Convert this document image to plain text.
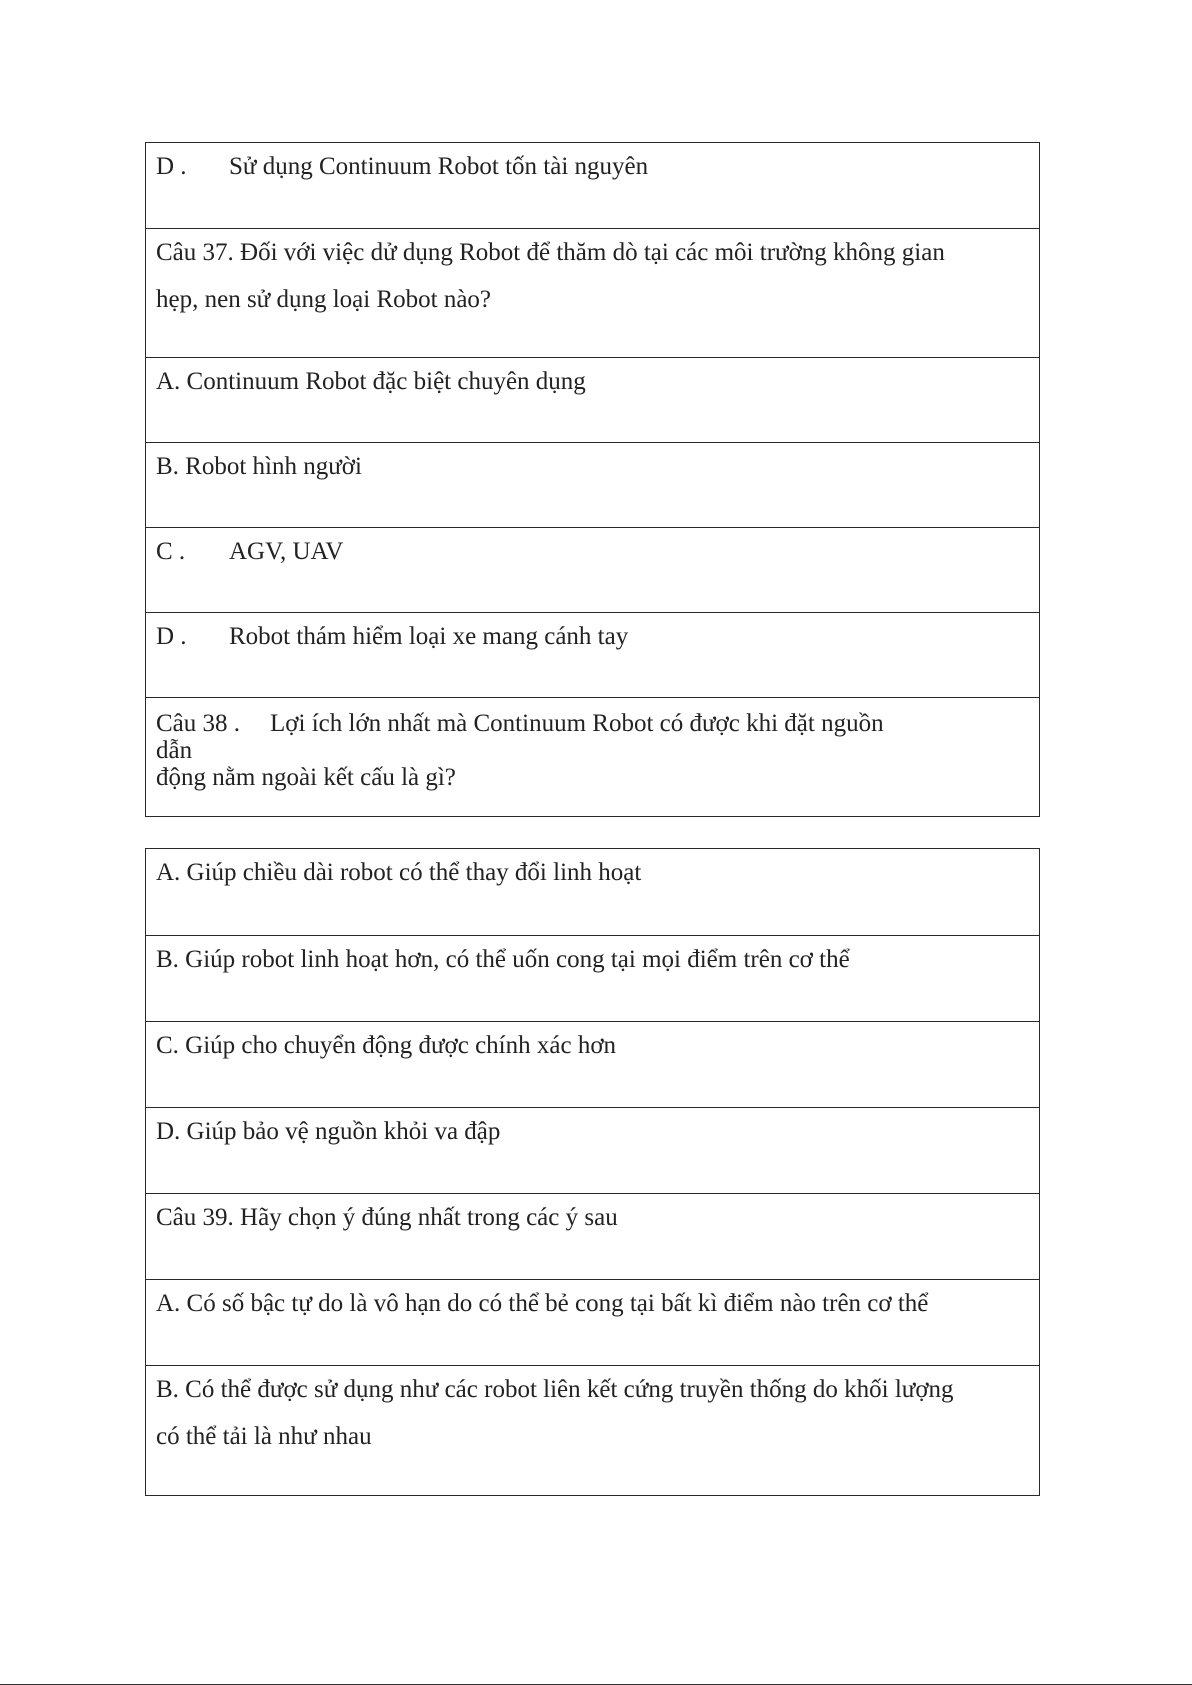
D . Sử dụng Continuum Robot tốn tài nguyên
Câu 37. Đối với việc dử dụng Robot để thăm dò tại các môi trường không gian
hẹp, nen sử dụng loại Robot nào?
A. Continuum Robot đặc biệt chuyên dụng
B. Robot hình người
C . AGV, UAV
D . Robot thám hiểm loại xe mang cánh tay
Câu 38 . Lợi ích lớn nhất mà Continuum Robot có được khi đặt nguồn
dẫn
động nằm ngoài kết cấu là gì?
A. Giúp chiều dài robot có thể thay đổi linh hoạt
B. Giúp robot linh hoạt hơn, có thể uốn cong tại mọi điểm trên cơ thể
C. Giúp cho chuyển động được chính xác hơn
D. Giúp bảo vệ nguồn khỏi va đập
Câu 39. Hãy chọn ý đúng nhất trong các ý sau
A. Có số bậc tự do là vô hạn do có thể bẻ cong tại bất kì điểm nào trên cơ thể
B. Có thể được sử dụng như các robot liên kết cứng truyền thống do khối lượng
có thể tải là như nhau
